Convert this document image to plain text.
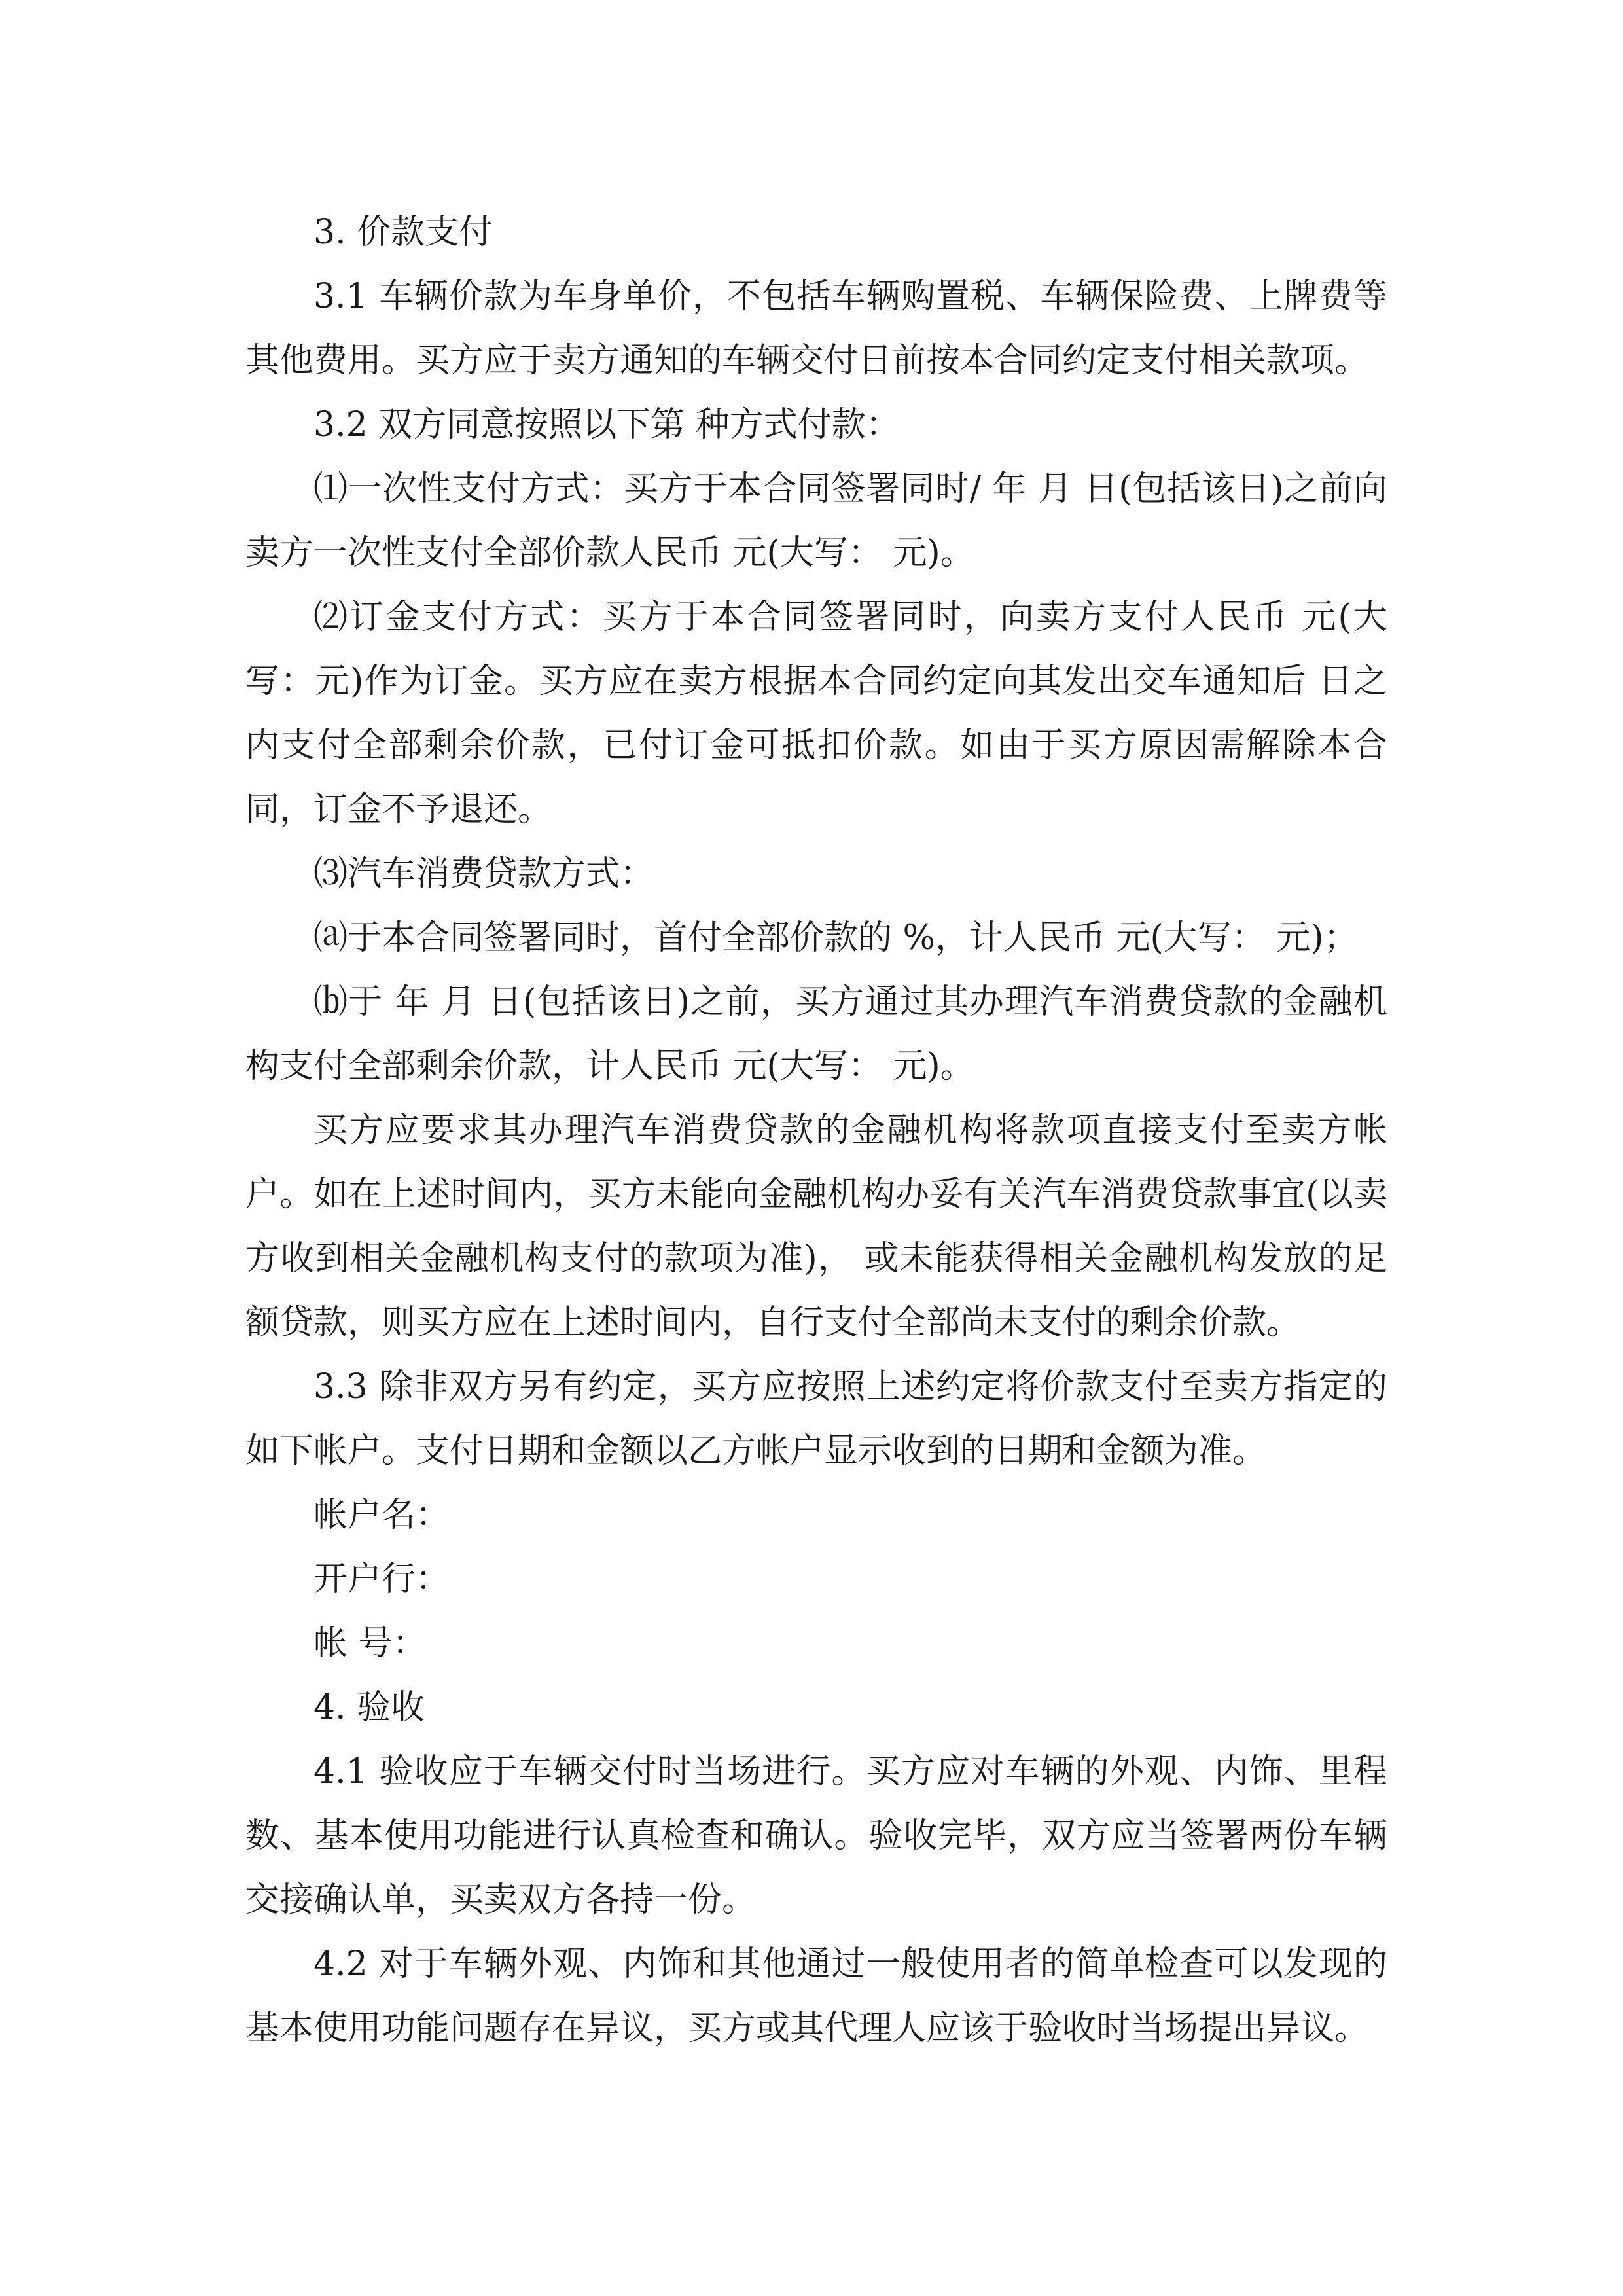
3. 价款支付

3.1 车辆价款为车身单价，不包括车辆购置税、车辆保险费、上牌费等其他费用。买方应于卖方通知的车辆交付日前按本合同约定支付相关款项。

3.2 双方同意按照以下第 种方式付款：

⑴一次性支付方式：买方于本合同签署同时/ 年 月 日(包括该日)之前向卖方一次性支付全部价款人民币 元(大写： 元)。

⑵订金支付方式：买方于本合同签署同时，向卖方支付人民币 元(大写：元)作为订金。买方应在卖方根据本合同约定向其发出交车通知后 日之内支付全部剩余价款，已付订金可抵扣价款。如由于买方原因需解除本合同，订金不予退还。

⑶汽车消费贷款方式：

⒜于本合同签署同时，首付全部价款的 %，计人民币 元(大写： 元)；

⒝于 年 月 日(包括该日)之前，买方通过其办理汽车消费贷款的金融机构支付全部剩余价款，计人民币 元(大写： 元)。

买方应要求其办理汽车消费贷款的金融机构将款项直接支付至卖方帐户。如在上述时间内，买方未能向金融机构办妥有关汽车消费贷款事宜(以卖方收到相关金融机构支付的款项为准)， 或未能获得相关金融机构发放的足额贷款，则买方应在上述时间内，自行支付全部尚未支付的剩余价款。

3.3 除非双方另有约定，买方应按照上述约定将价款支付至卖方指定的如下帐户。支付日期和金额以乙方帐户显示收到的日期和金额为准。

帐户名：

开户行：

帐 号：

4. 验收

4.1 验收应于车辆交付时当场进行。买方应对车辆的外观、内饰、里程数、基本使用功能进行认真检查和确认。验收完毕，双方应当签署两份车辆交接确认单，买卖双方各持一份。

4.2 对于车辆外观、内饰和其他通过一般使用者的简单检查可以发现的基本使用功能问题存在异议，买方或其代理人应该于验收时当场提出异议。
